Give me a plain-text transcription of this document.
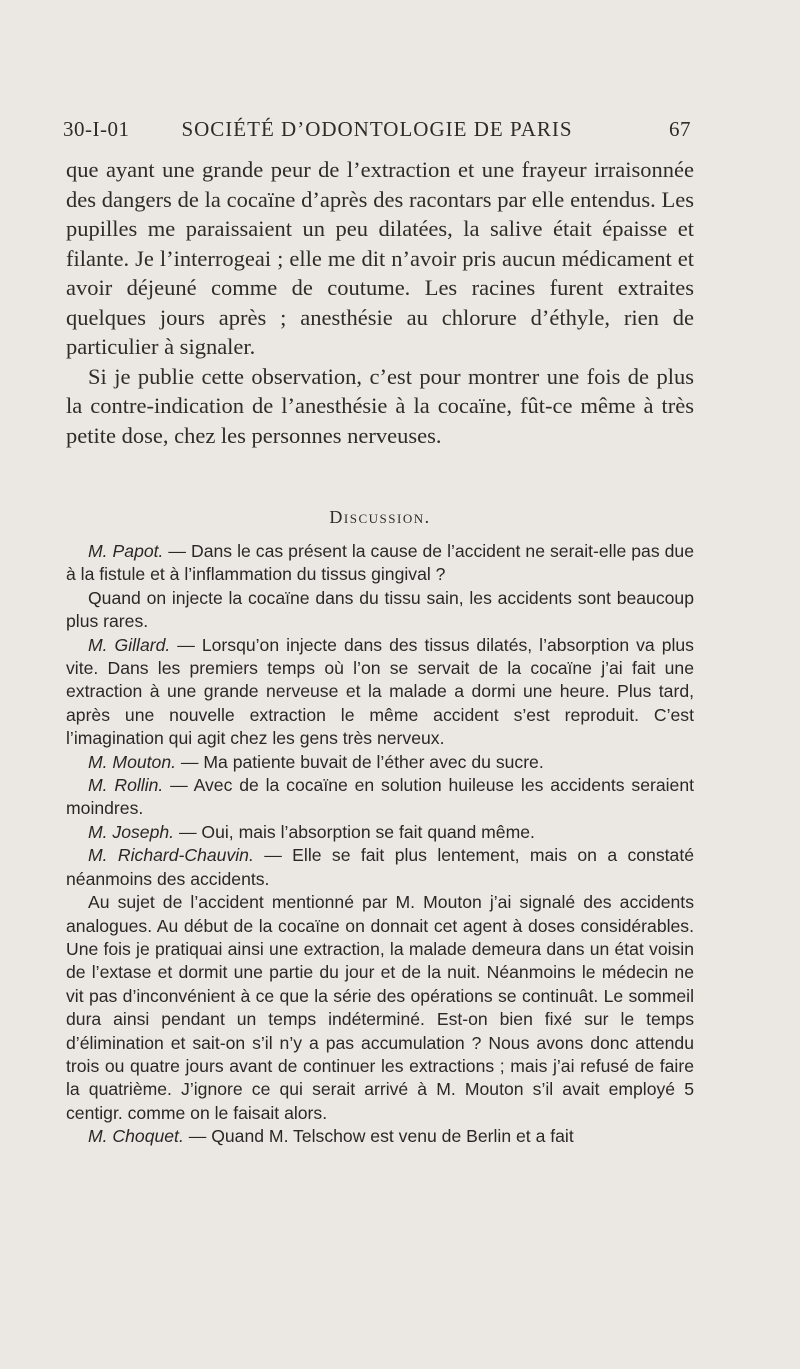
30-I-01	SOCIÉTÉ D’ODONTOLOGIE DE PARIS	67

que ayant une grande peur de l’extraction et une frayeur irraisonnée des dangers de la cocaïne d’après des racontars par elle entendus. Les pupilles me paraissaient un peu dilatées, la salive était épaisse et filante. Je l’interrogeai ; elle me dit n’avoir pris aucun médicament et avoir déjeuné comme de coutume. Les racines furent extraites quelques jours après ; anesthésie au chlorure d’éthyle, rien de particulier à signaler.

Si je publie cette observation, c’est pour montrer une fois de plus la contre-indication de l’anesthésie à la cocaïne, fût-ce même à très petite dose, chez les personnes nerveuses.

Discussion.

M. Papot. — Dans le cas présent la cause de l’accident ne serait-elle pas due à la fistule et à l’inflammation du tissus gingival ?

Quand on injecte la cocaïne dans du tissu sain, les accidents sont beaucoup plus rares.

M. Gillard. — Lorsqu’on injecte dans des tissus dilatés, l’absorption va plus vite. Dans les premiers temps où l’on se servait de la cocaïne j’ai fait une extraction à une grande nerveuse et la malade a dormi une heure. Plus tard, après une nouvelle extraction le même accident s’est reproduit. C’est l’imagination qui agit chez les gens très nerveux.

M. Mouton. — Ma patiente buvait de l’éther avec du sucre.

M. Rollin. — Avec de la cocaïne en solution huileuse les accidents seraient moindres.

M. Joseph. — Oui, mais l’absorption se fait quand même.

M. Richard-Chauvin. — Elle se fait plus lentement, mais on a constaté néanmoins des accidents.

Au sujet de l’accident mentionné par M. Mouton j’ai signalé des accidents analogues. Au début de la cocaïne on donnait cet agent à doses considérables. Une fois je pratiquai ainsi une extraction, la malade demeura dans un état voisin de l’extase et dormit une partie du jour et de la nuit. Néanmoins le médecin ne vit pas d’inconvénient à ce que la série des opérations se continuât. Le sommeil dura ainsi pendant un temps indéterminé. Est-on bien fixé sur le temps d’élimination et sait-on s’il n’y a pas accumulation ? Nous avons donc attendu trois ou quatre jours avant de continuer les extractions ; mais j’ai refusé de faire la quatrième. J’ignore ce qui serait arrivé à M. Mouton s’il avait employé 5 centigr. comme on le faisait alors.

M. Choquet. — Quand M. Telschow est venu de Berlin et a fait
